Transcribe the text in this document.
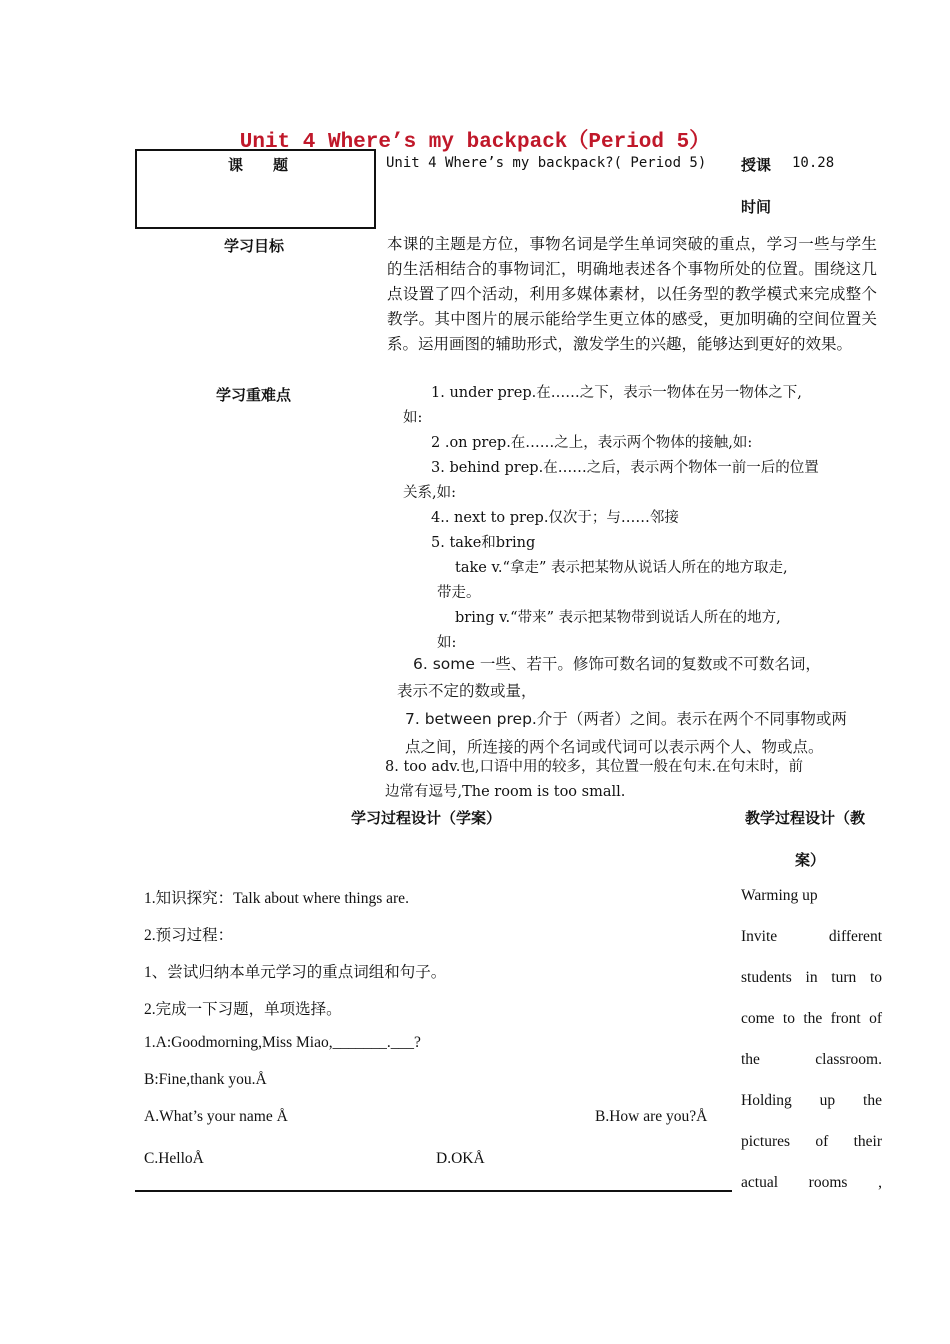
Unit 4 Where’s my backpack（Period 5）
课　　题	Unit 4 Where’s my backpack?( Period 5) 授课 10.28
时间
学习目标	本课的主题是方位，事物名词是学生单词突破的重点，学习一些与学生的生活相结合的事物词汇，明确地表述各个事物所处的位置。围绕这几点设置了四个活动，利用多媒体素材，以任务型的教学模式来完成整个教学。其中图片的展示能给学生更立体的感受，更加明确的空间位置关系。运用画图的辅助形式，激发学生的兴趣，能够达到更好的效果。
学习重难点	1. under prep.在……之下，表示一物体在另一物体之下,
如:
2 .on prep.在……之上，表示两个物体的接触,如:
3. behind prep.在……之后，表示两个物体一前一后的位置
关系,如:
4.. next to prep.仅次于；与……邻接
5. take和bring
take v.“拿走” 表示把某物从说话人所在的地方取走,
带走。
bring v.“带来” 表示把某物带到说话人所在的地方,
如:
6. some 一些、若干。修饰可数名词的复数或不可数名词，
表示不定的数或量，
7. between prep.介于（两者）之间。表示在两个不同事物或两
点之间，所连接的两个名词或代词可以表示两个人、物或点。
8. too adv.也,口语中用的较多，其位置一般在句末.在句末时，前
边常有逗号,The room is too small.
学习过程设计（学案）	教学过程设计（教
案）
1.知识探究：Talk about where things are.
2.预习过程：
1、尝试归纳本单元学习的重点词组和句子。
2.完成一下习题，单项选择。
1.A:Goodmorning,Miss Miao,_______.___?
B:Fine,thank you.Å
A.What’s your name Å	B.How are you?Å
C.HelloÅ	D.OKÅ
Warming up
Invite different
students in turn to
come to the front of
the classroom.
Holding up the
pictures of their
actual rooms ,
